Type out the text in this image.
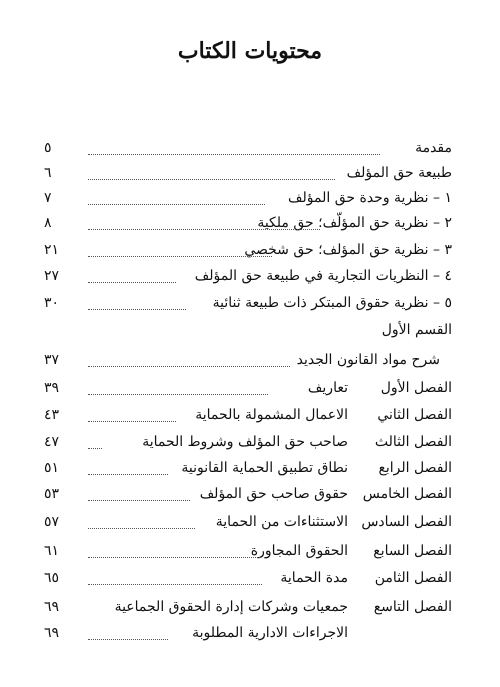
محتويات الكتاب
مقدمة
٥
طبيعة حق المؤلف
٦
١ – نظرية وحدة حق المؤلف
٧
٢ – نظرية حق المؤلّف؛ حق ملكية
٨
٣ – نظرية حق المؤلف؛ حق شخصي
٢١
٤ – النظريات التجارية في طبيعة حق المؤلف
٢٧
٥ – نظرية حقوق المبتكر ذات طبيعة ثنائية
٣٠
القسم الأول
شرح مواد القانون الجديد
٣٧
الفصل الأول
تعاريف
٣٩
الفصل الثاني
الاعمال المشمولة بالحماية
٤٣
الفصل الثالث
صاحب حق المؤلف وشروط الحماية
٤٧
الفصل الرابع
نطاق تطبيق الحماية القانونية
٥١
الفصل الخامس
حقوق صاحب حق المؤلف
٥٣
الفصل السادس
الاستثناءات من الحماية
٥٧
الفصل السابع
الحقوق المجاورة
٦١
الفصل الثامن
مدة الحماية
٦٥
الفصل التاسع
جمعيات وشركات إدارة الحقوق الجماعية
٦٩
الاجراءات الادارية المطلوبة
٦٩
